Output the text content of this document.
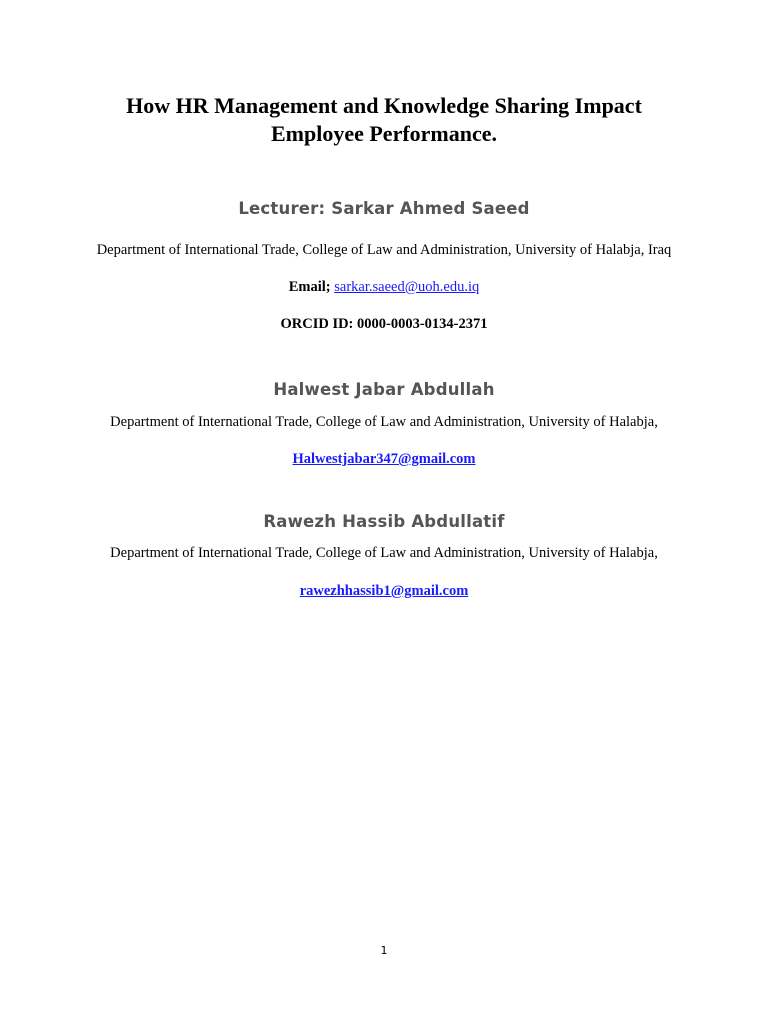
How HR Management and Knowledge Sharing Impact
Employee Performance.
Lecturer: Sarkar Ahmed Saeed
Department of International Trade, College of Law and Administration, University of Halabja, Iraq
Email; sarkar.saeed@uoh.edu.iq
ORCID ID: 0000-0003-0134-2371
Halwest Jabar Abdullah
Department of International Trade, College of Law and Administration, University of Halabja,
Halwestjabar347@gmail.com
Rawezh Hassib Abdullatif
Department of International Trade, College of Law and Administration, University of Halabja,
rawezhhassib1@gmail.com
1
